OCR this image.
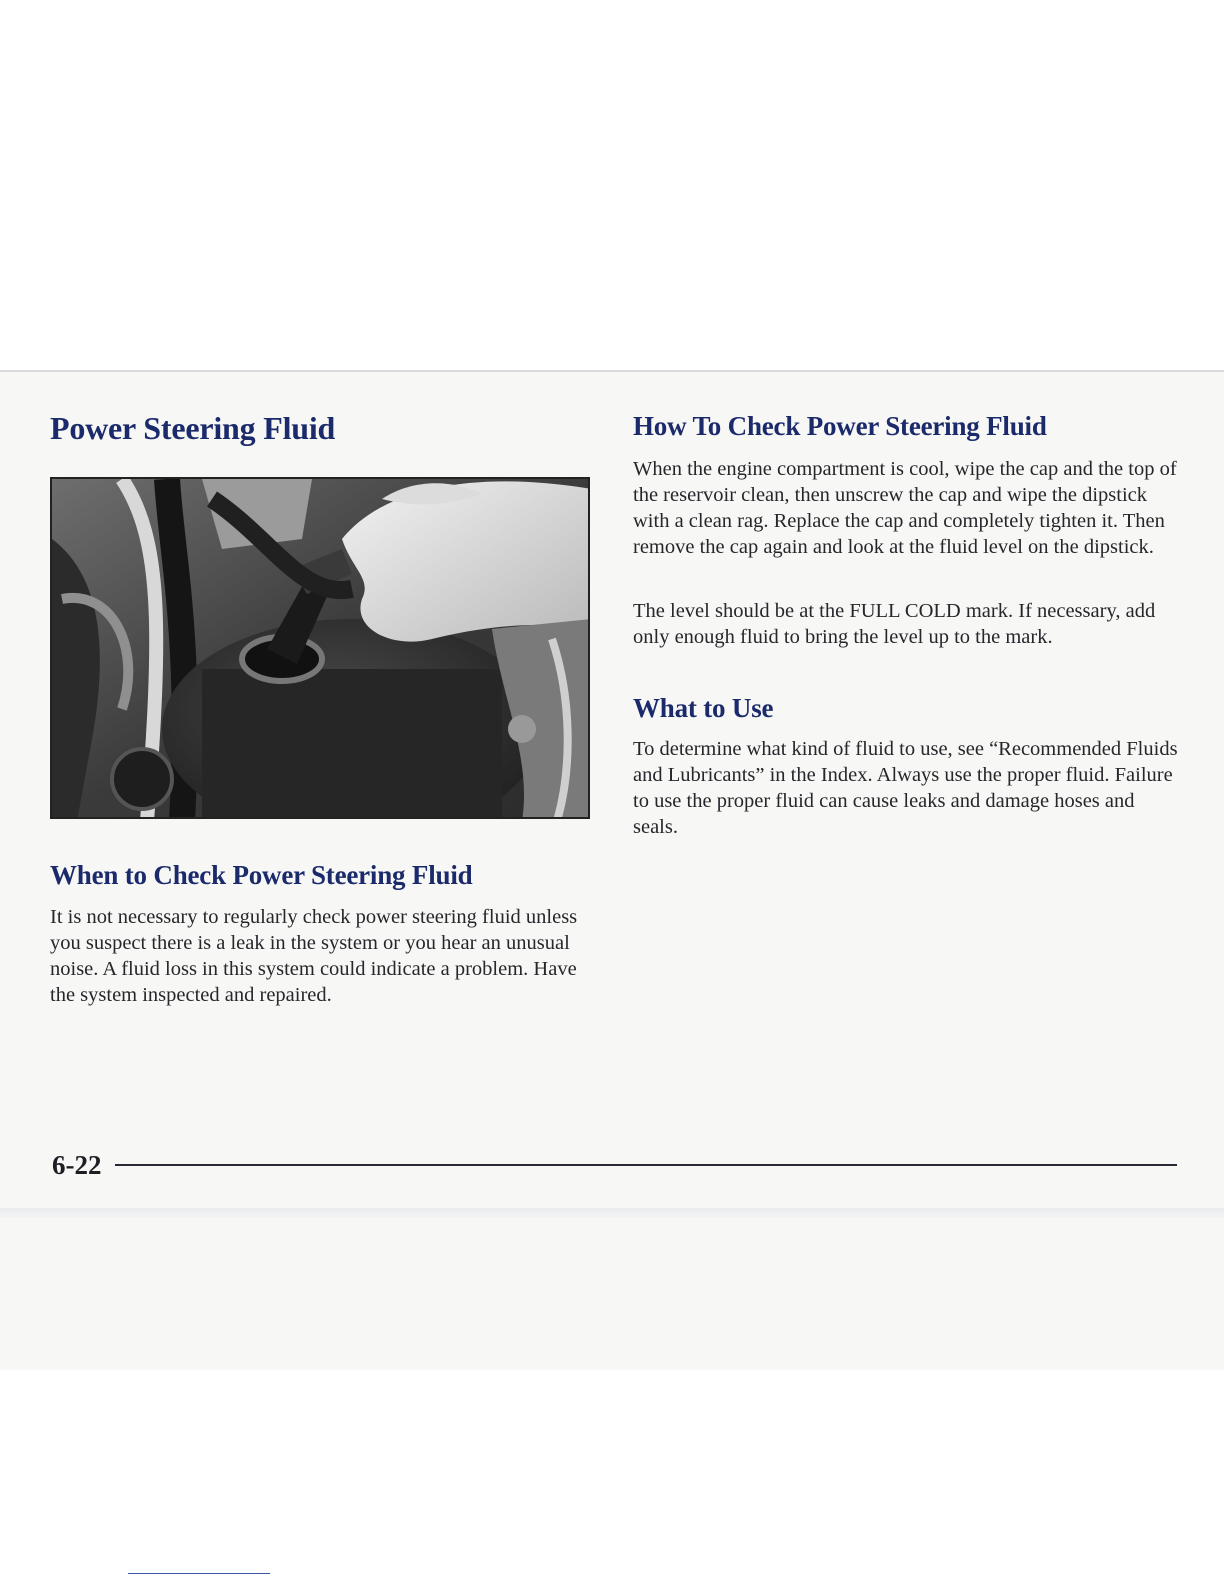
Power Steering Fluid
When to Check Power Steering Fluid

It is not necessary to regularly check power steering fluid unless you suspect there is a leak in the system or you hear an unusual noise. A fluid loss in this system could indicate a problem. Have the system inspected and repaired.

How To Check Power Steering Fluid

When the engine compartment is cool, wipe the cap and the top of the reservoir clean, then unscrew the cap and wipe the dipstick with a clean rag. Replace the cap and completely tighten it. Then remove the cap again and look at the fluid level on the dipstick.

The level should be at the FULL COLD mark. If necessary, add only enough fluid to bring the level up to the mark.

What to Use

To determine what kind of fluid to use, see “Recommended Fluids and Lubricants” in the Index. Always use the proper fluid. Failure to use the proper fluid can cause leaks and damage hoses and seals.

6-22
